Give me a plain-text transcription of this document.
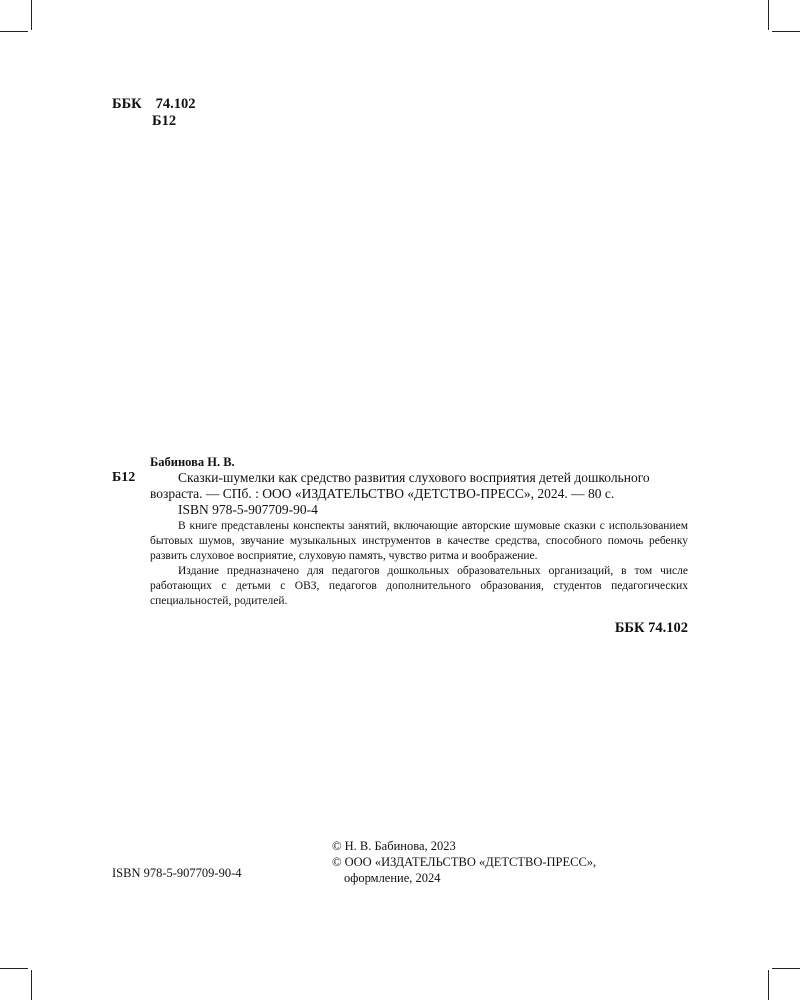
ББК 74.102
Б12
Бабинова Н. В.
Б12	Сказки-шумелки как средство развития слухового восприятия детей дошкольного
возраста. — СПб. : ООО «ИЗДАТЕЛЬСТВО «ДЕТСТВО-ПРЕСС», 2024. — 80 с.
ISBN 978-5-907709-90-4
В книге представлены конспекты занятий, включающие авторские шумовые сказки с использованием бытовых шумов, звучание музыкальных инструментов в качестве средства, способного помочь ребенку развить слуховое восприятие, слуховую память, чувство ритма и воображение.
Издание предназначено для педагогов дошкольных образовательных организаций, в том числе работающих с детьми с ОВЗ, педагогов дополнительного образования, студентов педагогических специальностей, родителей.
ББК 74.102
© Н. В. Бабинова, 2023
© ООО «ИЗДАТЕЛЬСТВО «ДЕТСТВО-ПРЕСС»,
оформление, 2024
ISBN 978-5-907709-90-4
